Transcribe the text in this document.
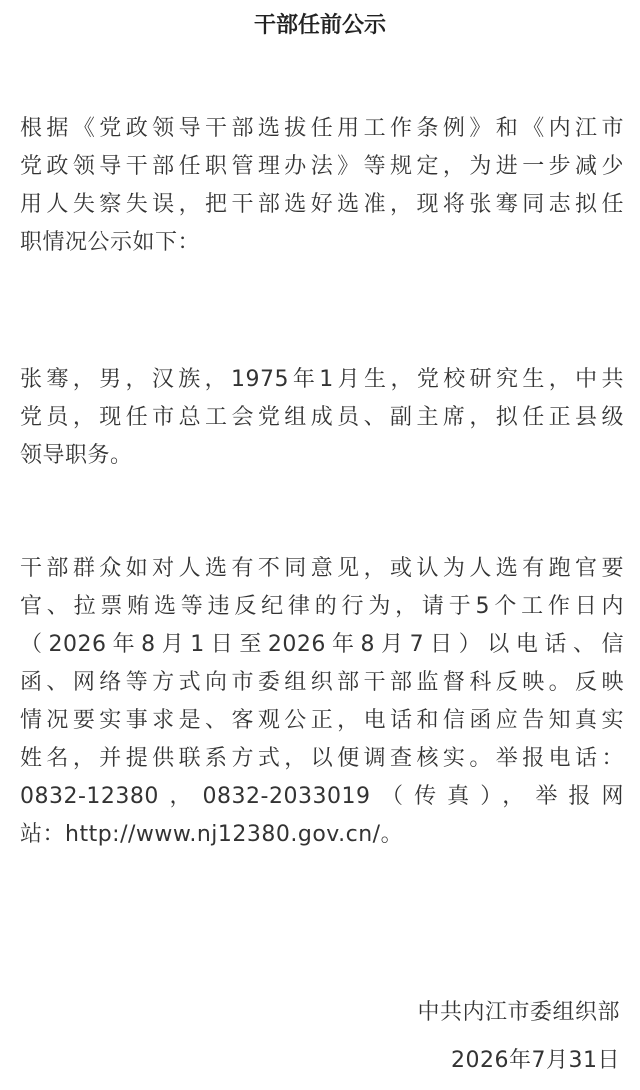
干部任前公示

根据《党政领导干部选拔任用工作条例》和《内江市
党政领导干部任职管理办法》等规定，为进一步减少
用人失察失误，把干部选好选准，现将张骞同志拟任
职情况公示如下：

张骞，男，汉族，1975年1月生，党校研究生，中共
党员，现任市总工会党组成员、副主席，拟任正县级
领导职务。

干部群众如对人选有不同意见，或认为人选有跑官要
官、拉票贿选等违反纪律的行为，请于5个工作日内
（2026年8月1日至2026年8月7日）以电话、信
函、网络等方式向市委组织部干部监督科反映。反映
情况要实事求是、客观公正，电话和信函应告知真实
姓名，并提供联系方式，以便调查核实。举报电话：
0832-12380，0832-2033019（传真），举报网
站：http://www.nj12380.gov.cn/。

中共内江市委组织部

2026年7月31日
